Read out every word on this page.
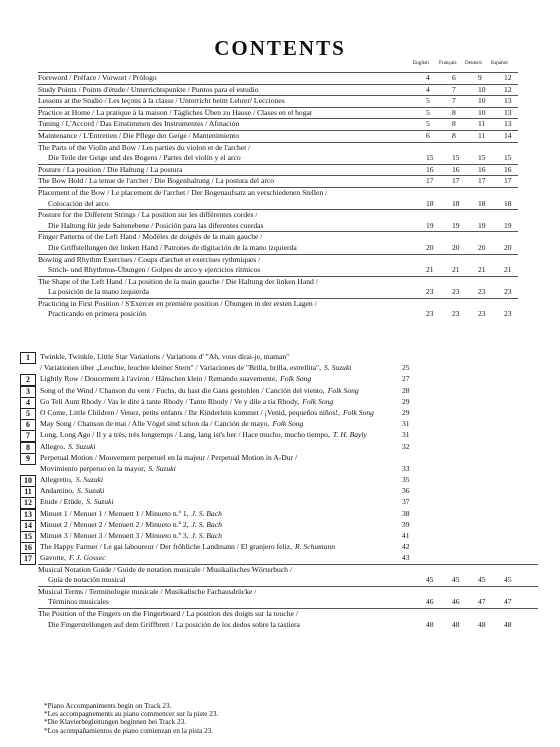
CONTENTS
English Français Deutsch Español
Foreword / Préface / Vorwort / Prólogo	4	6	9	12
Study Points / Points d'étude / Unterrichtspunkte / Puntos para el estudio	4	7	10 12
Lessons at the Studio / Les leçons à la classe / Unterricht beim Lehrer/ Lecciones	5	7	10 13
Practice at Home / La pratique à la maison / Tägliches Üben zu Hause / Clases en el hogar	5	8	10 13
Tuning / L'Accord / Das Einstimmen des Instrumentes / Afinación	5	8	11 13
Maintenance / L'Entretien / Die Pflege der Geige / Mantenimiento	6	8	11 14
The Parts of the Violin and Bow / Les parties du violon et de l'archet /
Die Teile der Geige und des Bogens / Partes del violín y el arco	15 15 15 15
Posture / La position / Die Haltung / La postura	16 16 16 16
The Bow Hold / La tenue de l'archet / Die Bogenhaltung / La postura del arco	17 17 17 17
Placement of the Bow / Le placement de l'archet / Der Bogenaufsatz an verschiedenen Stellen /
Colocación del arco	18 18 18 18
Posture for the Different Strings / La position sur les différentes cordes /
Die Haltung für jede Saitenebene / Posición para las diferentes cuerdas	19 19 19 19
Finger Patterns of the Left Hand / Modèles de doigtés de la main gauche /
Die Griffstellungen der linken Hand / Patrones de digitación de la mano izquierda	20 20 20 20
Bowing and Rhythm Exercises / Coups d'archet et exercises rythmiques /
Strich- und Rhythmus-Übungen / Golpes de arco y ejercicios rítmicos	21 21 21 21
The Shape of the Left Hand / La position de la main gauche / Die Haltung der linken Hand /
La posición de la mano izquierda	23 23 23 23
Practicing in First Position / S'Exercer en première position / Übungen in der ersten Lagen /
Practicando en primera posición	23 23 23 23
1	Twinkle, Twinkle, Little Star Variations / Variations d' "Ah, vous dirai-je, maman"
/ Variationen über „Leuchte, leuchte kleiner Stern" / Variaciones de "Brilla, brilla, estrellita", S. Suzuki	25
2	Lightly Row / Doucement à l'aviron / Hänschen klein / Remando suavemente, Folk Song	27
3	Song of the Wind / Chanson du vent / Fuchs, du hast die Gans gestohlen / Canción del viento, Folk Song	28
4	Go Tell Aunt Rhody / Vas le dire à tante Rhody / Tante Rhody / Ve y dile a tía Rhody, Folk Song	29
5	O Come, Little Children / Venez, petits enfants / Ihr Kinderlein kommet / ¡Venid, pequeños niños!, Folk Song	29
6	May Song / Chanson de mai / Alle Vögel sind schon da / Canción de mayo, Folk Song	31
7	Long, Long Ago / Il y a très, très longtemps / Lang, lang ist's her / Hace mucho, mucho tiempo, T. H. Bayly	31
8	Allegro, S. Suzuki	32
9	Perpetual Motion / Mouvement perpetuel en la majeur / Perpetual Motion in A-Dur /
Movimiento perpetuo en la mayor, S. Suzuki	33
10	Allegretto, S. Suzuki	35
11	Andantino, S. Suzuki	36
12	Etude / Etüde, S. Suzuki	37
13	Minuet 1 / Menuet 1 / Menuett 1 / Minueto n.º 1, J. S. Bach	38
14	Minuet 2 / Menuet 2 / Menuett 2 / Minueto n.º 2, J. S. Bach	39
15	Minuet 3 / Menuet 3 / Menuett 3 / Minueto n.º 3, J. S. Bach	41
16	The Happy Farmer / Le gai laboureur / Der fröhliche Landmann / El granjero feliz, R. Schumann	42
17	Gavotte, F. J. Gossec	43
Musical Notation Guide / Guide de notation musicale / Musikalisches Wörterbuch /
Guía de notación musical	45 45 45 45
Musical Terms / Terminologie musicale / Musikalische Fachausdrücke /
Términos musicales	46 46 47 47
The Position of the Fingers on the Fingerboard / La position des doigts sur la touche /
Die Fingerstellungen auf dem Griffbrett / La posición de los dedos sobre la tastiera	48 48 48 48
*Piano Accompaniments begin on Track 23.
*Les accompagnements au piano commencer sur la piste 23.
*Die Klavierbegleitungen beginnen bei Track 23.
*Los acompañamientos de piano comienzan en la pista 23.
